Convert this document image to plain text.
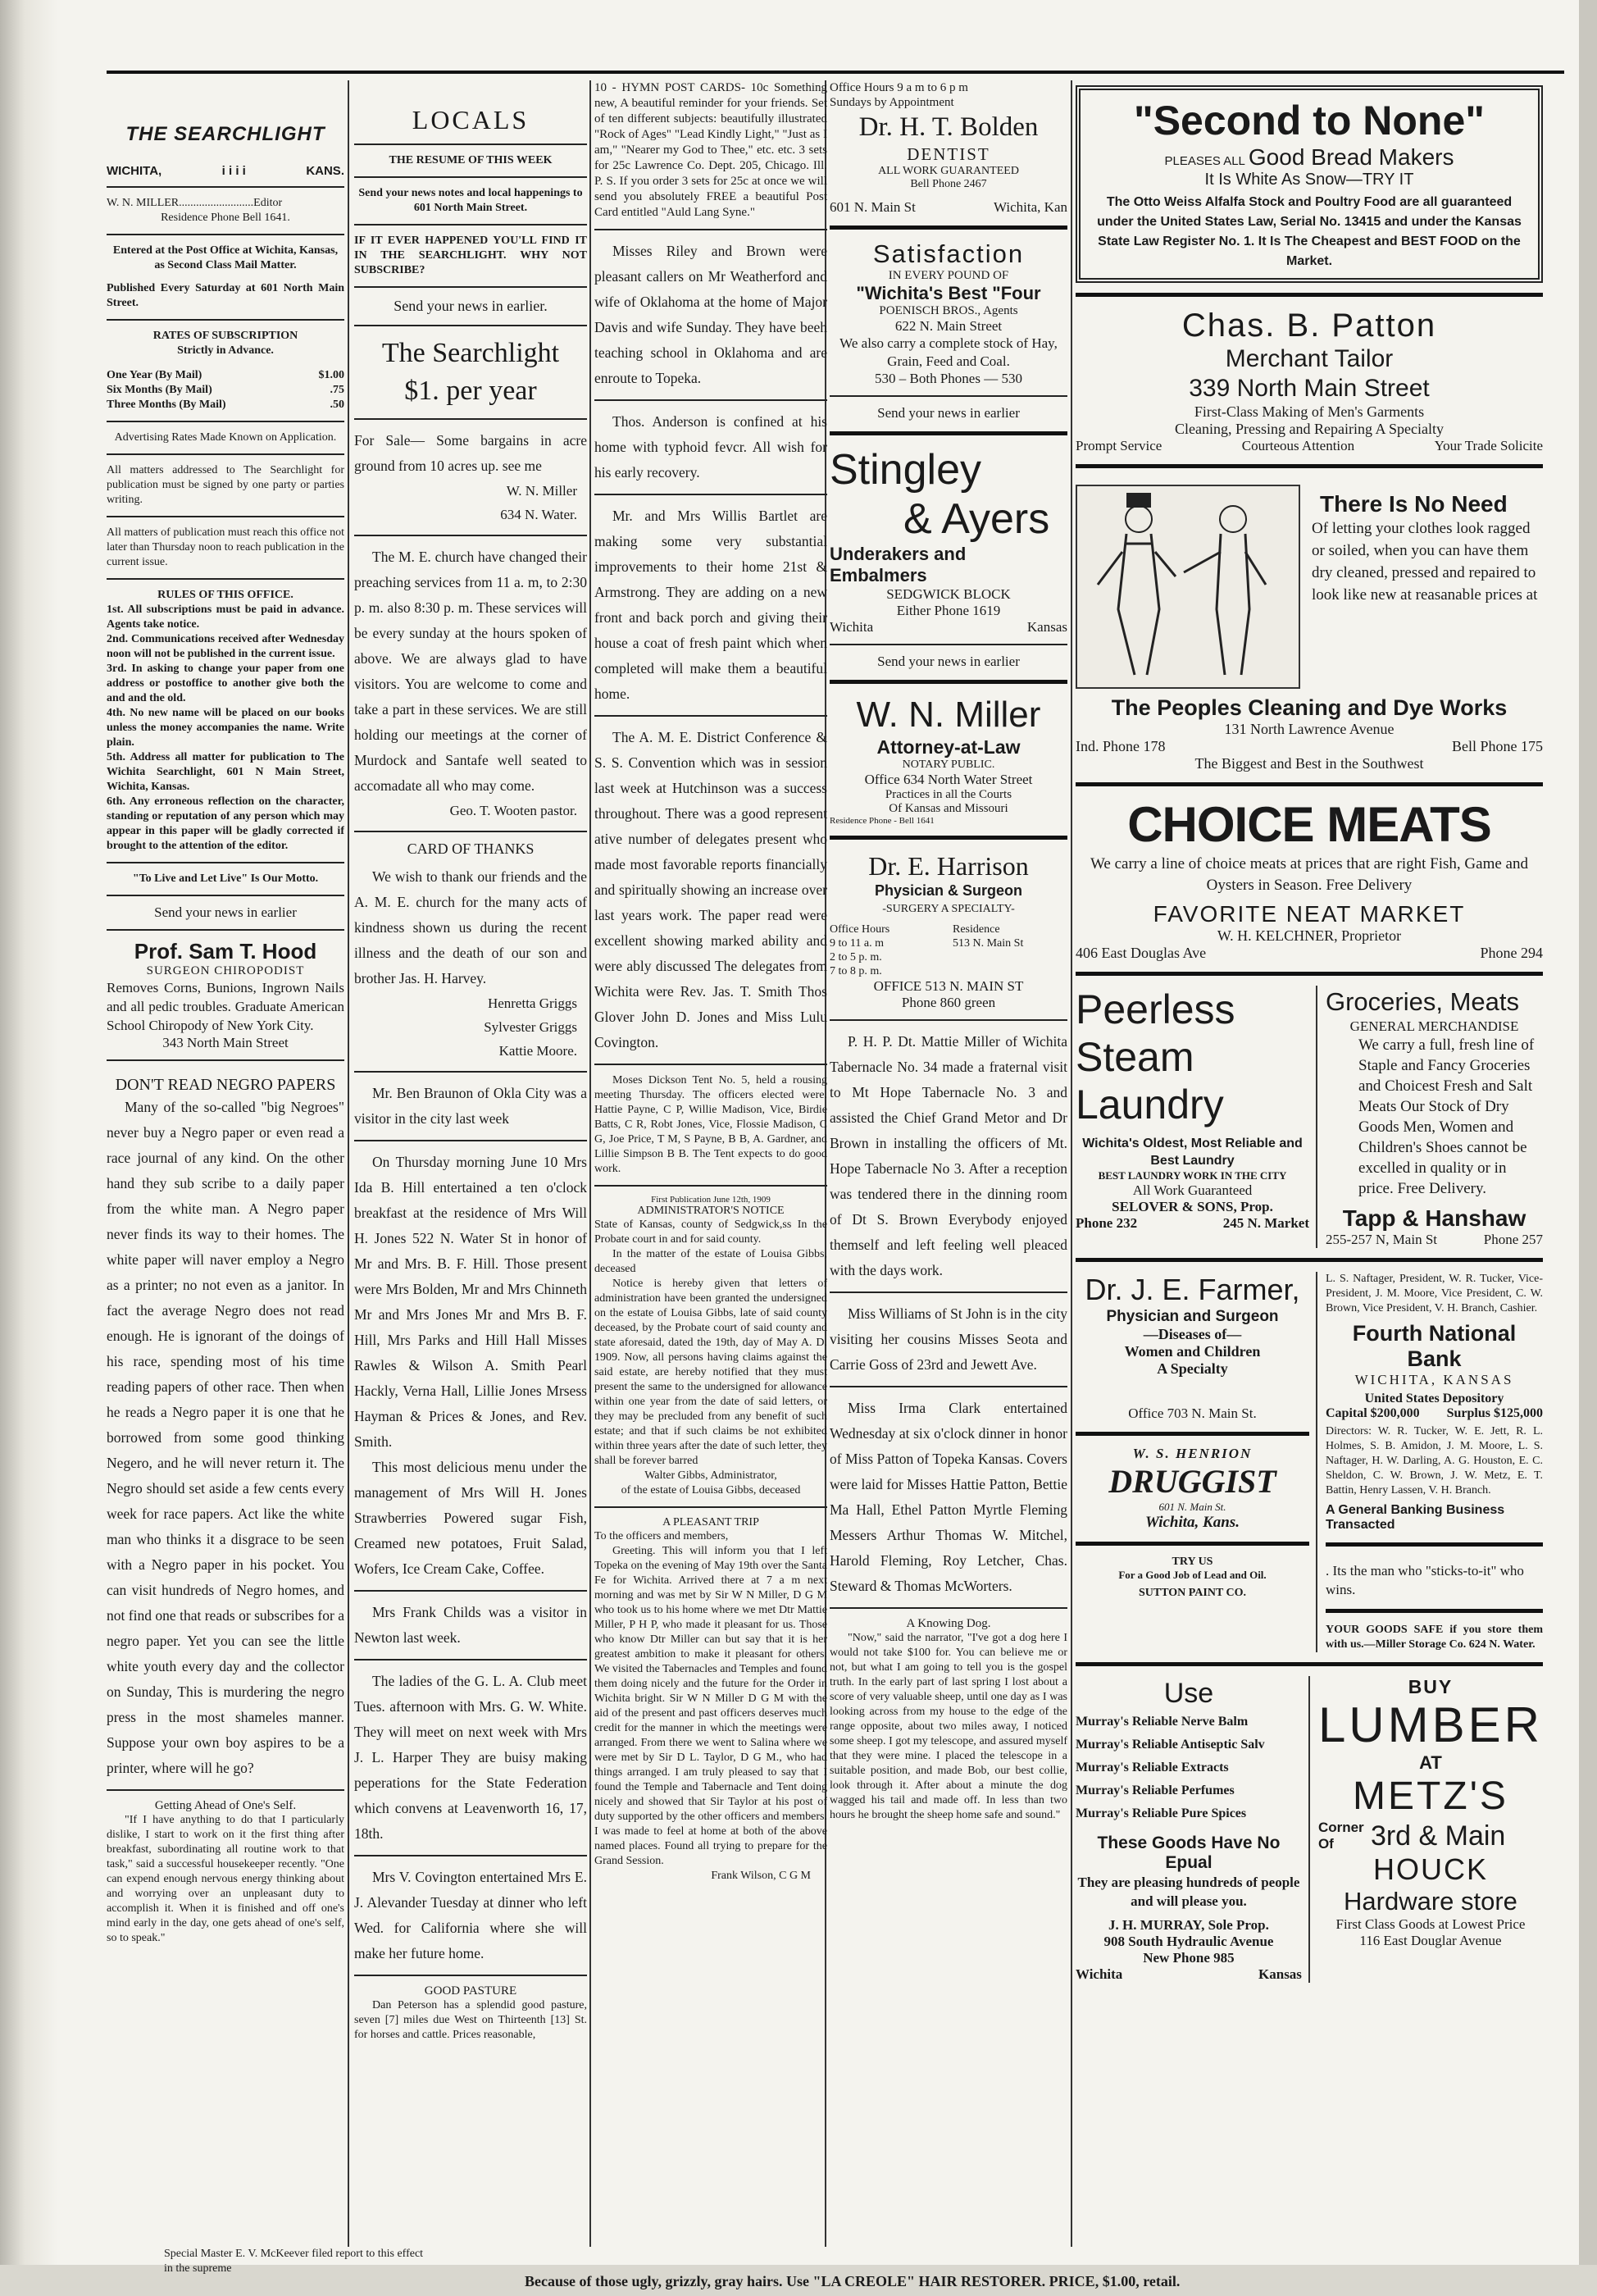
THE SEARCHLIGHT
WICHITA,	i i i i	KANS.

W. N. MILLER..........................Editor

Residence Phone Bell 1641.

Entered at the Post Office at Wichita, Kansas, as Second Class Mail Matter.

Published Every Saturday at 601 North Main Street.

RATES OF SUBSCRIPTION

Strictly in Advance.

One Year (By Mail)	$1.00
Six Months (By Mail)	.75
Three Months (By Mail)	.50

Advertising Rates Made Known on Application.

All matters addressed to The Searchlight for publication must be signed by one party or parties writing.

All matters of publication must reach this office not later than Thursday noon to reach publication in the current issue.

RULES OF THIS OFFICE.

1st. All subscriptions must be paid in advance. Agents take notice.

2nd. Communications received after Wednesday noon will not be published in the current issue.

3rd. In asking to change your paper from one address or postoffice to another give both the and and the old.

4th. No new name will be placed on our books unless the money accompanies the name. Write plain.

5th. Address all matter for publication to The Wichita Searchlight, 601 N Main Street, Wichita, Kansas.

6th. Any erroneous reflection on the character, standing or reputation of any person which may appear in this paper will be gladly corrected if brought to the attention of the editor.

"To Live and Let Live" Is Our Motto.

Send your news in earlier

Prof. Sam T. Hood
SURGEON CHIROPODIST

Removes Corns, Bunions, Ingrown Nails and all pedic troubles. Graduate American School Chiropody of New York City.

343 North Main Street

DON'T READ NEGRO PAPERS

Many of the so-called "big Negroes" never buy a Negro paper or even read a race journal of any kind. On the other hand they sub scribe to a daily paper from the white man. A Negro paper never finds its way to their homes. The white paper will naver employ a Negro as a printer; no not even as a janitor. In fact the average Negro does not read enough. He is ignorant of the doings of his race, spending most of his time reading papers of other race. Then when he reads a Negro paper it is one that he borrowed from some good thinking Negero, and he will never return it. The Negro should set aside a few cents every week for race papers. Act like the white man who thinks it a disgrace to be seen with a Negro paper in his pocket. You can visit hundreds of Negro homes, and not find one that reads or subscribes for a negro paper. Yet you can see the little white youth every day and the collector on Sunday, This is murdering the negro press in the most shameles manner. Suppose your own boy aspires to be a printer, where will he go?

Getting Ahead of One's Self.

"If I have anything to do that I particularly dislike, I start to work on it the first thing after breakfast, subordinating all routine work to that task," said a successful housekeeper recently. "One can expend enough nervous energy thinking about and worrying over an unpleasant duty to accomplish it. When it is finished and off one's mind early in the day, one gets ahead of one's self, so to speak."

LOCALS

THE RESUME OF THIS WEEK

Send your news notes and local happenings to 601 North Main Street.

IF IT EVER HAPPENED YOU'LL FIND IT IN THE SEARCHLIGHT. WHY NOT SUBSCRIBE?

Send your news in earlier.

The Searchlight
$1. per year

For Sale— Some bargains in acre ground from 10 acres up. see me

W. N. Miller

634 N. Water.

The M. E. church have changed their preaching services from 11 a. m, to 2:30 p. m. also 8:30 p. m. These services will be every sunday at the hours spoken of above. We are always glad to have visitors. You are welcome to come and take a part in these services. We are still holding our meetings at the corner of Murdock and Santafe well seated to accomadate all who may come.

Geo. T. Wooten pastor.

CARD OF THANKS

We wish to thank our friends and the A. M. E. church for the many acts of kindness shown us during the recent illness and the death of our son and brother Jas. H. Harvey.

Henretta Griggs

Sylvester Griggs

Kattie Moore.

Mr. Ben Braunon of Okla City was a visitor in the city last week

On Thursday morning June 10 Mrs Ida B. Hill entertained a ten o'clock breakfast at the residence of Mrs Will H. Jones 522 N. Water St in honor of Mr and Mrs. B. F. Hill. Those present were Mrs Bolden, Mr and Mrs Chinneth Mr and Mrs Jones Mr and Mrs B. F. Hill, Mrs Parks and Hill Hall Misses Rawles & Wilson A. Smith Pearl Hackly, Verna Hall, Lillie Jones Mrsess Hayman & Prices & Jones, and Rev. Smith.

This most delicious menu under the management of Mrs Will H. Jones Strawberries Powered sugar Fish, Creamed new potatoes, Fruit Salad, Wofers, Ice Cream Cake, Coffee.

Mrs Frank Childs was a visitor in Newton last week.

The ladies of the G. L. A. Club meet Tues. afternoon with Mrs. G. W. White. They will meet on next week with Mrs J. L. Harper They are buisy making peperations for the State Federation which convens at Leavenworth 16, 17, 18th.

Mrs V. Covington entertained Mrs E. J. Alevander Tuesday at dinner who left Wed. for California where she will make her future home.

GOOD PASTURE

Dan Peterson has a splendid good pasture, seven [7] miles due West on Thirteenth [13] St. for horses and cattle. Prices reasonable,

10 - HYMN POST CARDS- 10c Something new, A beautiful reminder for your friends. Set of ten different subjects: beautifully illustrated "Rock of Ages" "Lead Kindly Light," "Just as I am," "Nearer my God to Thee," etc. etc. 3 sets for 25c Lawrence Co. Dept. 205, Chicago. Ill. P. S. If you order 3 sets for 25c at once we will send you absolutely FREE a beautiful Post Card entitled "Auld Lang Syne."

Misses Riley and Brown were pleasant callers on Mr Weatherford and wife of Oklahoma at the home of Major Davis and wife Sunday. They have beeh teaching school in Oklahoma and are enroute to Topeka.

Thos. Anderson is confined at his home with typhoid fevcr. All wish for his early recovery.

Mr. and Mrs Willis Bartlet are making some very substantial improvements to their home 21st & Armstrong. They are adding on a new front and back porch and giving their house a coat of fresh paint which when completed will make them a beautiful home.

The A. M. E. District Conference & S. S. Convention which was in session last week at Hutchinson was a success throughout. There was a good represent ative number of delegates present who made most favorable reports financially and spiritually showing an increase over last years work. The paper read were excellent showing marked ability and were ably discussed The delegates from Wichita were Rev. Jas. T. Smith Thos Glover John D. Jones and Miss Lulu Covington.

Moses Dickson Tent No. 5, held a rousing meeting Thursday. The officers elected were. Hattie Payne, C P, Willie Madison, Vice, Birdie Batts, C R, Robt Jones, Vice, Flossie Madison, C G, Joe Price, T M, S Payne, B B, A. Gardner, and Lillie Simpson B B. The Tent expects to do good work.

First Publication June 12th, 1909

ADMINISTRATOR'S NOTICE

State of Kansas, county of Sedgwick,ss In the Probate court in and for said county.

In the matter of the estate of Louisa Gibbs, deceased

Notice is hereby given that letters of administration have been granted the undersigned on the estate of Louisa Gibbs, late of said county deceased, by the Probate court of said county and state aforesaid, dated the 19th, day of May A. D. 1909. Now, all persons having claims against the said estate, are hereby notified that they must present the same to the undersigned for allowance within one year from the date of said letters, or they may be precluded from any benefit of such estate; and that if such claims be not exhibited within three years after the date of such letter, they shall be forever barred

Walter Gibbs, Administrator,

of the estate of Louisa Gibbs, deceased

A PLEASANT TRIP

To the officers and members,

Greeting. This will inform you that I left Topeka on the evening of May 19th over the Santa Fe for Wichita. Arrived there at 7 a m next morning and was met by Sir W N Miller, D G M who took us to his home where we met Dtr Mattie Miller, P H P, who made it pleasant for us. Those who know Dtr Miller can but say that it is her greatest ambition to make it pleasant for others. We visited the Tabernacles and Temples and found them doing nicely and the future for the Order in Wichita bright. Sir W N Miller D G M with the aid of the present and past officers deserves much credit for the manner in which the meetings were arranged. From there we went to Salina where we were met by Sir D L. Taylor, D G M., who had things arranged. I am truly pleased to say that I found the Temple and Tabernacle and Tent doing nicely and showed that Sir Taylor at his post of duty supported by the other officers and members. I was made to feel at home at both of the above named places. Found all trying to prepare for the Grand Session.

Frank Wilson, C G M

Office Hours 9 a m to 6 p m

Sundays by Appointment

Dr. H. T. Bolden
DENTIST
ALL WORK GUARANTEED
Bell Phone 2467
601 N. Main St	Wichita, Kan
Satisfaction
IN EVERY POUND OF
"Wichita's Best "Four
POENISCH BROS., Agents
622 N. Main Street

We also carry a complete stock of Hay, Grain, Feed and Coal.

530 – Both Phones — 530

Send your news in earlier

Stingley
& Ayers
Underakers and Embalmers
SEDGWICK BLOCK
Either Phone 1619
Wichita	Kansas

Send your news in earlier

W. N. Miller
Attorney-at-Law
NOTARY PUBLIC.
Office 634 North Water Street
Practices in all the Courts
Of Kansas and Missouri
Residence Phone - Bell 1641
Dr. E. Harrison
Physician & Surgeon
-SURGERY A SPECIALTY-
Office Hours
9 to 11 a. m
2 to 5 p. m.
7 to 8 p. m.
Residence
513 N. Main St
OFFICE 513 N. MAIN ST
Phone 860 green

P. H. P. Dt. Mattie Miller of Wichita Tabernacle No. 34 made a fraternal visit to Mt Hope Tabernacle No. 3 and assisted the Chief Grand Metor and Dr Brown in installing the officers of Mt. Hope Tabernacle No 3. After a reception was tendered there in the dinning room of Dt S. Brown Everybody enjoyed themself and left feeling well pleaced with the days work.

Miss Williams of St John is in the city visiting her cousins Misses Seota and Carrie Goss of 23rd and Jewett Ave.

Miss Irma Clark entertained Wednesday at six o'clock dinner in honor of Miss Patton of Topeka Kansas. Covers were laid for Misses Hattie Patton, Bettie Ma Hall, Ethel Patton Myrtle Fleming Messers Arthur Thomas W. Mitchel, Harold Fleming, Roy Letcher, Chas. Steward & Thomas McWorters.

A Knowing Dog.

"Now," said the narrator, "I've got a dog here I would not take $100 for. You can believe me or not, but what I am going to tell you is the gospel truth. In the early part of last spring I lost about a score of very valuable sheep, until one day as I was looking across from my house to the edge of the range opposite, about two miles away, I noticed some sheep. I got my telescope, and assured myself that they were mine. I placed the telescope in a suitable position, and made Bob, our best collie, look through it. After about a minute the dog wagged his tail and made off. In less than two hours he brought the sheep home safe and sound."

"Second to None"
PLEASES ALL Good Bread Makers
It Is White As Snow—TRY IT

The Otto Weiss Alfalfa Stock and Poultry Food are all guaranteed under the United States Law, Serial No. 13415 and under the Kansas State Law Register No. 1. It Is The Cheapest and BEST FOOD on the Market.

Chas. B. Patton
Merchant Tailor
339 North Main Street
First-Class Making of Men's Garments
Cleaning, Pressing and Repairing A Specialty
Prompt Service	Courteous Attention	Your Trade Solicite
There Is No Need

Of letting your clothes look ragged or soiled, when you can have them dry cleaned, pressed and repaired to look like new at reasanable prices at

The Peoples Cleaning and Dye Works
131 North Lawrence Avenue
Ind. Phone 178	Bell Phone 175
The Biggest and Best in the Southwest
CHOICE MEATS

We carry a line of choice meats at prices that are right Fish, Game and Oysters in Season. Free Delivery

FAVORITE NEAT MARKET
W. H. KELCHNER, Proprietor
406 East Douglas Ave	Phone 294
Peerless
Steam
Laundry

Wichita's Oldest, Most Reliable and Best Laundry

BEST LAUNDRY WORK IN THE CITY

All Work Guaranteed

SELOVER & SONS, Prop.

Phone 232	245 N. Market
Groceries, Meats
GENERAL MERCHANDISE

We carry a full, fresh line of Staple and Fancy Groceries and Choicest Fresh and Salt Meats Our Stock of Dry Goods Men, Women and Children's Shoes cannot be excelled in quality or in price. Free Delivery.

Tapp & Hanshaw
255-257 N, Main St	Phone 257
Dr. J. E. Farmer,
Physician and Surgeon
—Diseases of—
Women and Children
A Specialty
Office 703 N. Main St.
W. S. HENRION
DRUGGIST
601 N. Main St.
Wichita, Kans.
TRY US
For a Good Job of Lead and Oil.
SUTTON PAINT CO.

L. S. Naftager, President, W. R. Tucker, Vice-President, J. M. Moore, Vice President, C. W. Brown, Vice President, V. H. Branch, Cashier.

Fourth National Bank
WICHITA, KANSAS
United States Depository
Capital $200,000 Surplus $125,000

Directors: W. R. Tucker, W. E. Jett, R. L. Holmes, S. B. Amidon, J. M. Moore, L. S. Naftager, H. W. Darling, A. G. Houston, E. C. Sheldon, C. W. Brown, J. W. Metz, E. T. Battin, Henry Lassen, V. H. Branch.

A General Banking Business Transacted

. Its the man who "sticks-to-it" who wins.

YOUR GOODS SAFE if you store them with us.—Miller Storage Co. 624 N. Water.

Use
Murray's Reliable Nerve Balm
Murray's Reliable Antiseptic Salv
Murray's Reliable Extracts
Murray's Reliable Perfumes
Murray's Reliable Pure Spices
These Goods Have No Epual

They are pleasing hundreds of people and will please you.

J. H. MURRAY, Sole Prop.
908 South Hydraulic Avenue
New Phone 985
Wichita	Kansas
BUY
LUMBER
AT
METZ'S
Corner Of	3rd & Main
HOUCK
Hardware store
First Class Goods at Lowest Price
116 East Douglar Avenue
Special Master E. V. McKeever filed report to this effect in the supreme
Because of those ugly, grizzly, gray hairs. Use "LA CREOLE" HAIR RESTORER. PRICE, $1.00, retail.
